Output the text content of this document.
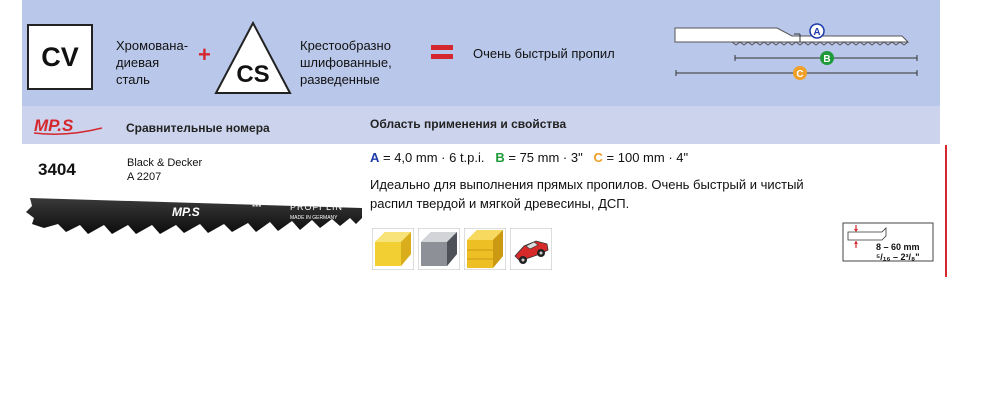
CV	Хромована-
диевая
сталь
+
CS
Крестообразно
шлифованные,
разведенные
Очень быстрый пропил
A
B
C
MP.S	Сравнительные номера	Область применения и свойства
3404	Black & Decker
A 2207
A = 4,0 mm · 6 t.p.i. B = 75 mm · 3" C = 100 mm · 4"
Идеально для выполнения прямых пропилов. Очень быстрый и чистый
распил твердой и мягкой древесины, ДСП.
MP.S	***	PROFI LIN
MADE IN GERMANY
8 – 60 mm
⁵/₁₆ – 2³/₈"
